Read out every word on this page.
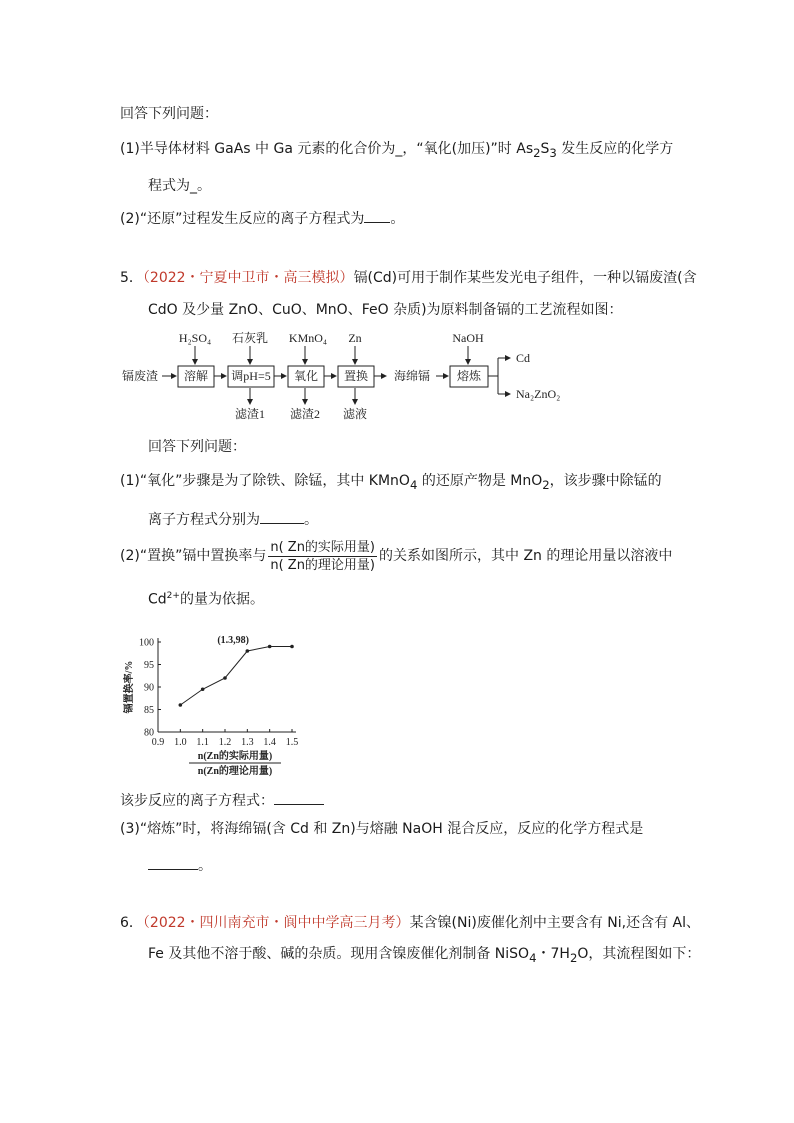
回答下列问题：
(1)半导体材料 GaAs 中 Ga 元素的化合价为_，“氧化(加压)”时 $As_2S_3$ 发生反应的化学方
程式为_。
(2)“还原”过程发生反应的离子方程式为 。
5．（2022・宁夏中卫市・高三模拟）镉(Cd)可用于制作某些发光电子组件，一种以镉废渣(含
CdO 及少量 ZnO、CuO、MnO、FeO 杂质)为原料制备镉的工艺流程如图：
镉废渣 溶解 调pH=5 氧化 置换	熔炼
海绵镉
H₂SO₄ 石灰乳 KMnO₄ Zn	NaOH
滤渣1 滤渣2 滤液
Cd
Na₂ZnO₂
回答下列问题：
(1)“氧化”步骤是为了除铁、除锰，其中 KMnO$_4$ 的还原产物是 MnO$_2$，该步骤中除锰的
离子方程式分别为	。
(2)“置换”镉中置换率与 $\frac{\text{n( Zn的实际用量)}}{\text{n( Zn的理论用量)}}$ 的关系如图所示，其中 Zn 的理论用量以溶液中
$Cd^{2+}$的量为依据。
0.9 1.0 1.1 1.2 1.3 1.4 1.5
80
85
90
95
100	(1.3,98)
镉置换率/%
n(Zn的实际用量)
n(Zn的理论用量)
该步反应的离子方程式：
(3)“熔炼”时，将海绵镉(含 Cd 和 Zn)与熔融 NaOH 混合反应，反应的化学方程式是
。
6．（2022・四川南充市・阆中中学高三月考）某含镍(Ni)废催化剂中主要含有 Ni,还含有 Al、
Fe 及其他不溶于酸、碱的杂质。现用含镍废催化剂制备 NiSO$_4$・$7H_2O$，其流程图如下：
